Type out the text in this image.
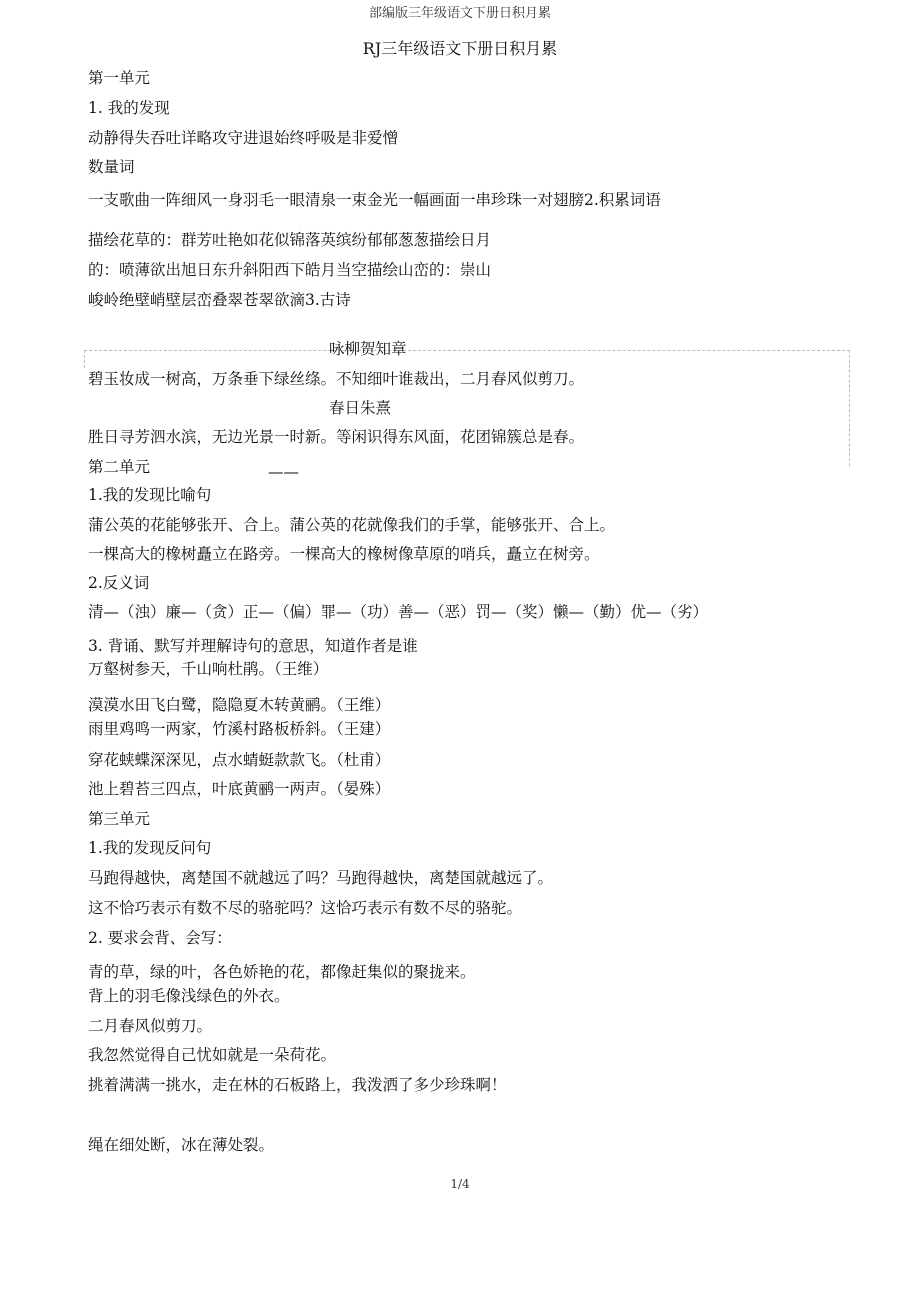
部编版三年级语文下册日积月累
RJ三年级语文下册日积月累
第一单元
1. 我的发现
动静得失吞吐详略攻守进退始终呼吸是非爱憎
数量词
一支歌曲一阵细风一身羽毛一眼清泉一束金光一幅画面一串珍珠一对翅膀2.积累词语
描绘花草的：群芳吐艳如花似锦落英缤纷郁郁葱葱描绘日月
的：喷薄欲出旭日东升斜阳西下皓月当空描绘山峦的：崇山
峻岭绝壁峭壁层峦叠翠苍翠欲滴3.古诗
咏柳贺知章
碧玉妆成一树高，万条垂下绿丝绦。不知细叶谁裁出，二月春风似剪刀。
春日朱熹
胜日寻芳泗水滨，无边光景一时新。等闲识得东风面，花团锦簇总是春。
第二单元	——
1.我的发现比喻句
蒲公英的花能够张开、合上。蒲公英的花就像我们的手掌，能够张开、合上。
一棵高大的橡树矗立在路旁。一棵高大的橡树像草原的哨兵，矗立在树旁。
2.反义词
清—（浊）廉—（贪）正—（偏）罪—（功）善—（恶）罚—（奖）懒—（勤）优—（劣）
3. 背诵、默写并理解诗句的意思，知道作者是谁
万壑树参天，千山响杜鹃。（王维）
漠漠水田飞白鹭，隐隐夏木转黄鹂。（王维）
雨里鸡鸣一两家，竹溪村路板桥斜。（王建）
穿花蛱蝶深深见，点水蜻蜓款款飞。（杜甫）
池上碧苔三四点，叶底黄鹂一两声。（晏殊）
第三单元
1.我的发现反问句
马跑得越快，离楚国不就越远了吗？马跑得越快，离楚国就越远了。
这不恰巧表示有数不尽的骆驼吗？这恰巧表示有数不尽的骆驼。
2. 要求会背、会写：
青的草，绿的叶，各色娇艳的花，都像赶集似的聚拢来。
背上的羽毛像浅绿色的外衣。
二月春风似剪刀。
我忽然觉得自己忧如就是一朵荷花。
挑着满满一挑水，走在林的石板路上，我泼洒了多少珍珠啊！
绳在细处断，冰在薄处裂。
1/4
